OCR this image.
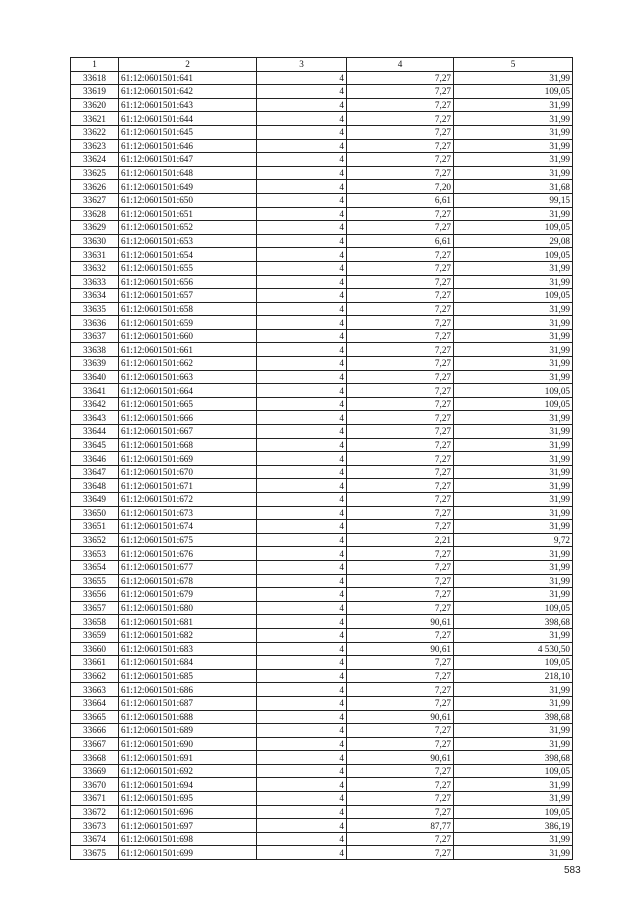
1	2	3	4	5
33618	61:12:0601501:641	4	7,27	31,99
33619	61:12:0601501:642	4	7,27	109,05
33620	61:12:0601501:643	4	7,27	31,99
33621	61:12:0601501:644	4	7,27	31,99
33622	61:12:0601501:645	4	7,27	31,99
33623	61:12:0601501:646	4	7,27	31,99
33624	61:12:0601501:647	4	7,27	31,99
33625	61:12:0601501:648	4	7,27	31,99
33626	61:12:0601501:649	4	7,20	31,68
33627	61:12:0601501:650	4	6,61	99,15
33628	61:12:0601501:651	4	7,27	31,99
33629	61:12:0601501:652	4	7,27	109,05
33630	61:12:0601501:653	4	6,61	29,08
33631	61:12:0601501:654	4	7,27	109,05
33632	61:12:0601501:655	4	7,27	31,99
33633	61:12:0601501:656	4	7,27	31,99
33634	61:12:0601501:657	4	7,27	109,05
33635	61:12:0601501:658	4	7,27	31,99
33636	61:12:0601501:659	4	7,27	31,99
33637	61:12:0601501:660	4	7,27	31,99
33638	61:12:0601501:661	4	7,27	31,99
33639	61:12:0601501:662	4	7,27	31,99
33640	61:12:0601501:663	4	7,27	31,99
33641	61:12:0601501:664	4	7,27	109,05
33642	61:12:0601501:665	4	7,27	109,05
33643	61:12:0601501:666	4	7,27	31,99
33644	61:12:0601501:667	4	7,27	31,99
33645	61:12:0601501:668	4	7,27	31,99
33646	61:12:0601501:669	4	7,27	31,99
33647	61:12:0601501:670	4	7,27	31,99
33648	61:12:0601501:671	4	7,27	31,99
33649	61:12:0601501:672	4	7,27	31,99
33650	61:12:0601501:673	4	7,27	31,99
33651	61:12:0601501:674	4	7,27	31,99
33652	61:12:0601501:675	4	2,21	9,72
33653	61:12:0601501:676	4	7,27	31,99
33654	61:12:0601501:677	4	7,27	31,99
33655	61:12:0601501:678	4	7,27	31,99
33656	61:12:0601501:679	4	7,27	31,99
33657	61:12:0601501:680	4	7,27	109,05
33658	61:12:0601501:681	4	90,61	398,68
33659	61:12:0601501:682	4	7,27	31,99
33660	61:12:0601501:683	4	90,61	4 530,50
33661	61:12:0601501:684	4	7,27	109,05
33662	61:12:0601501:685	4	7,27	218,10
33663	61:12:0601501:686	4	7,27	31,99
33664	61:12:0601501:687	4	7,27	31,99
33665	61:12:0601501:688	4	90,61	398,68
33666	61:12:0601501:689	4	7,27	31,99
33667	61:12:0601501:690	4	7,27	31,99
33668	61:12:0601501:691	4	90,61	398,68
33669	61:12:0601501:692	4	7,27	109,05
33670	61:12:0601501:694	4	7,27	31,99
33671	61:12:0601501:695	4	7,27	31,99
33672	61:12:0601501:696	4	7,27	109,05
33673	61:12:0601501:697	4	87,77	386,19
33674	61:12:0601501:698	4	7,27	31,99
33675	61:12:0601501:699	4	7,27	31,99
583
